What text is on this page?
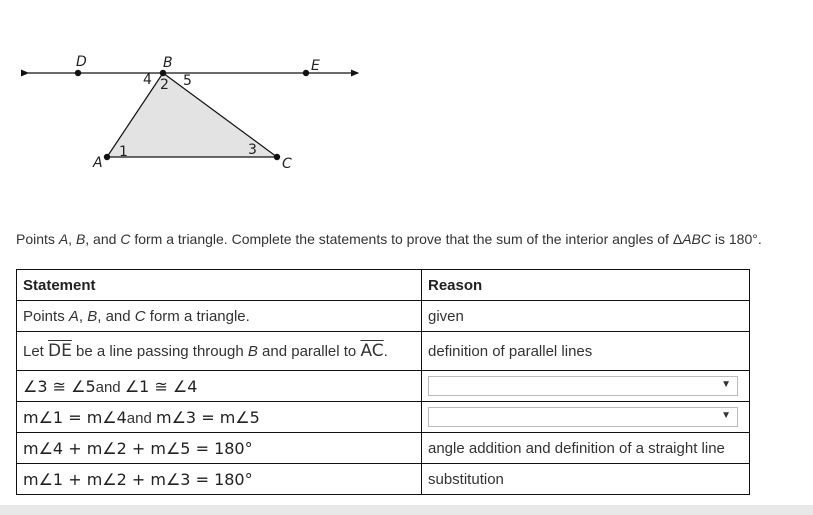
D	B	E
A	C
4 2 5
1	3
Points A, B, and C form a triangle. Complete the statements to prove that the sum of the interior angles of ΔABC is 180°.
Statement	Reason
Points A, B, and C form a triangle.	given
Let $\overline{DE}$ be a line passing through B and parallel to $\overline{AC}$.	definition of parallel lines
∠3 ≅ ∠5and ∠1 ≅ ∠4	▼

m∠1 = m∠4and m∠3 = m∠5	▼

m∠4 + m∠2 + m∠5 = 180°	angle addition and definition of a straight line
m∠1 + m∠2 + m∠3 = 180°	substitution
